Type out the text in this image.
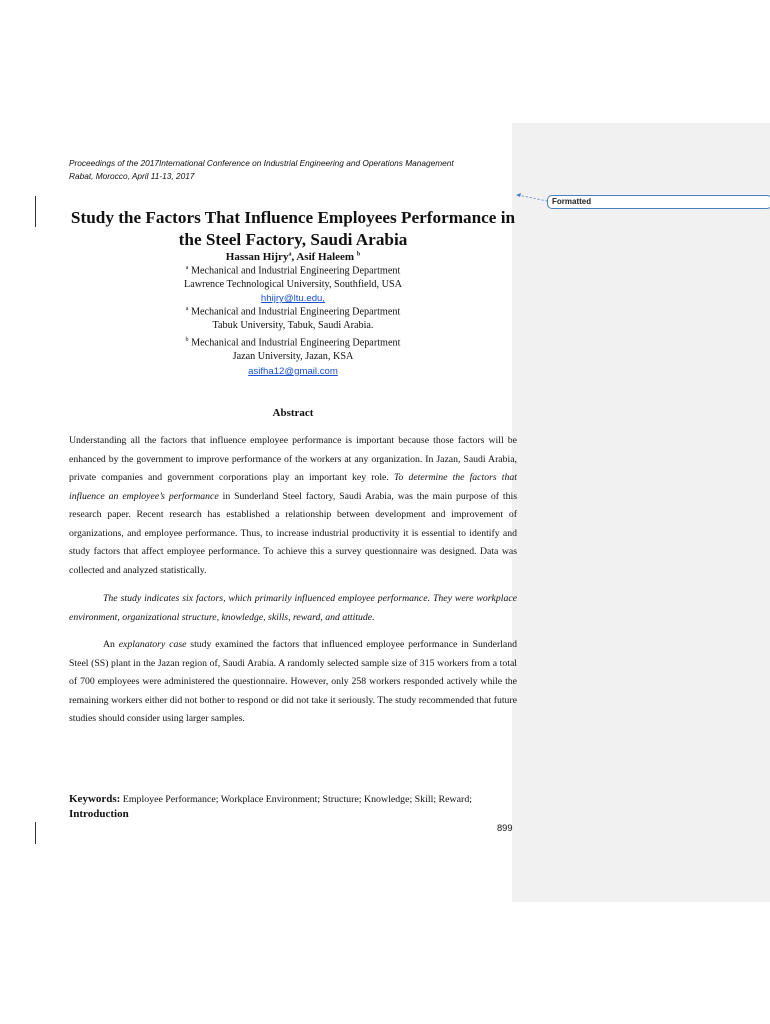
Formatted
Proceedings of the 2017International Conference on Industrial Engineering and Operations Management
Rabat, Morocco, April 11-13, 2017
Study the Factors That Influence Employees Performance in the Steel Factory, Saudi Arabia
Hassan Hijry$^a$, Asif Haleem $^b$
$^a$ Mechanical and Industrial Engineering Department
Lawrence Technological University, Southfield, USA
hhijry@ltu.edu,
$^a$ Mechanical and Industrial Engineering Department
Tabuk University, Tabuk, Saudi Arabia.
$^b$ Mechanical and Industrial Engineering Department
Jazan University, Jazan, KSA
asifha12@gmail.com
Abstract

Understanding all the factors that influence employee performance is important because those factors will be enhanced by the government to improve performance of the workers at any organization. In Jazan, Saudi Arabia, private companies and government corporations play an important key role. To determine the factors that influence an employee’s performance in Sunderland Steel factory, Saudi Arabia, was the main purpose of this research paper. Recent research has established a relationship between development and improvement of organizations, and employee performance. Thus, to increase industrial productivity it is essential to identify and study factors that affect employee performance. To achieve this a survey questionnaire was designed. Data was collected and analyzed statistically.

The study indicates six factors, which primarily influenced employee performance. They were workplace environment, organizational structure, knowledge, skills, reward, and attitude.

An explanatory case study examined the factors that influenced employee performance in Sunderland Steel (SS) plant in the Jazan region of, Saudi Arabia. A randomly selected sample size of 315 workers from a total of 700 employees were administered the questionnaire. However, only 258 workers responded actively while the remaining workers either did not bother to respond or did not take it seriously. The study recommended that future studies should consider using larger samples.

Keywords: Employee Performance; Workplace Environment; Structure; Knowledge; Skill; Reward;
Introduction
899
